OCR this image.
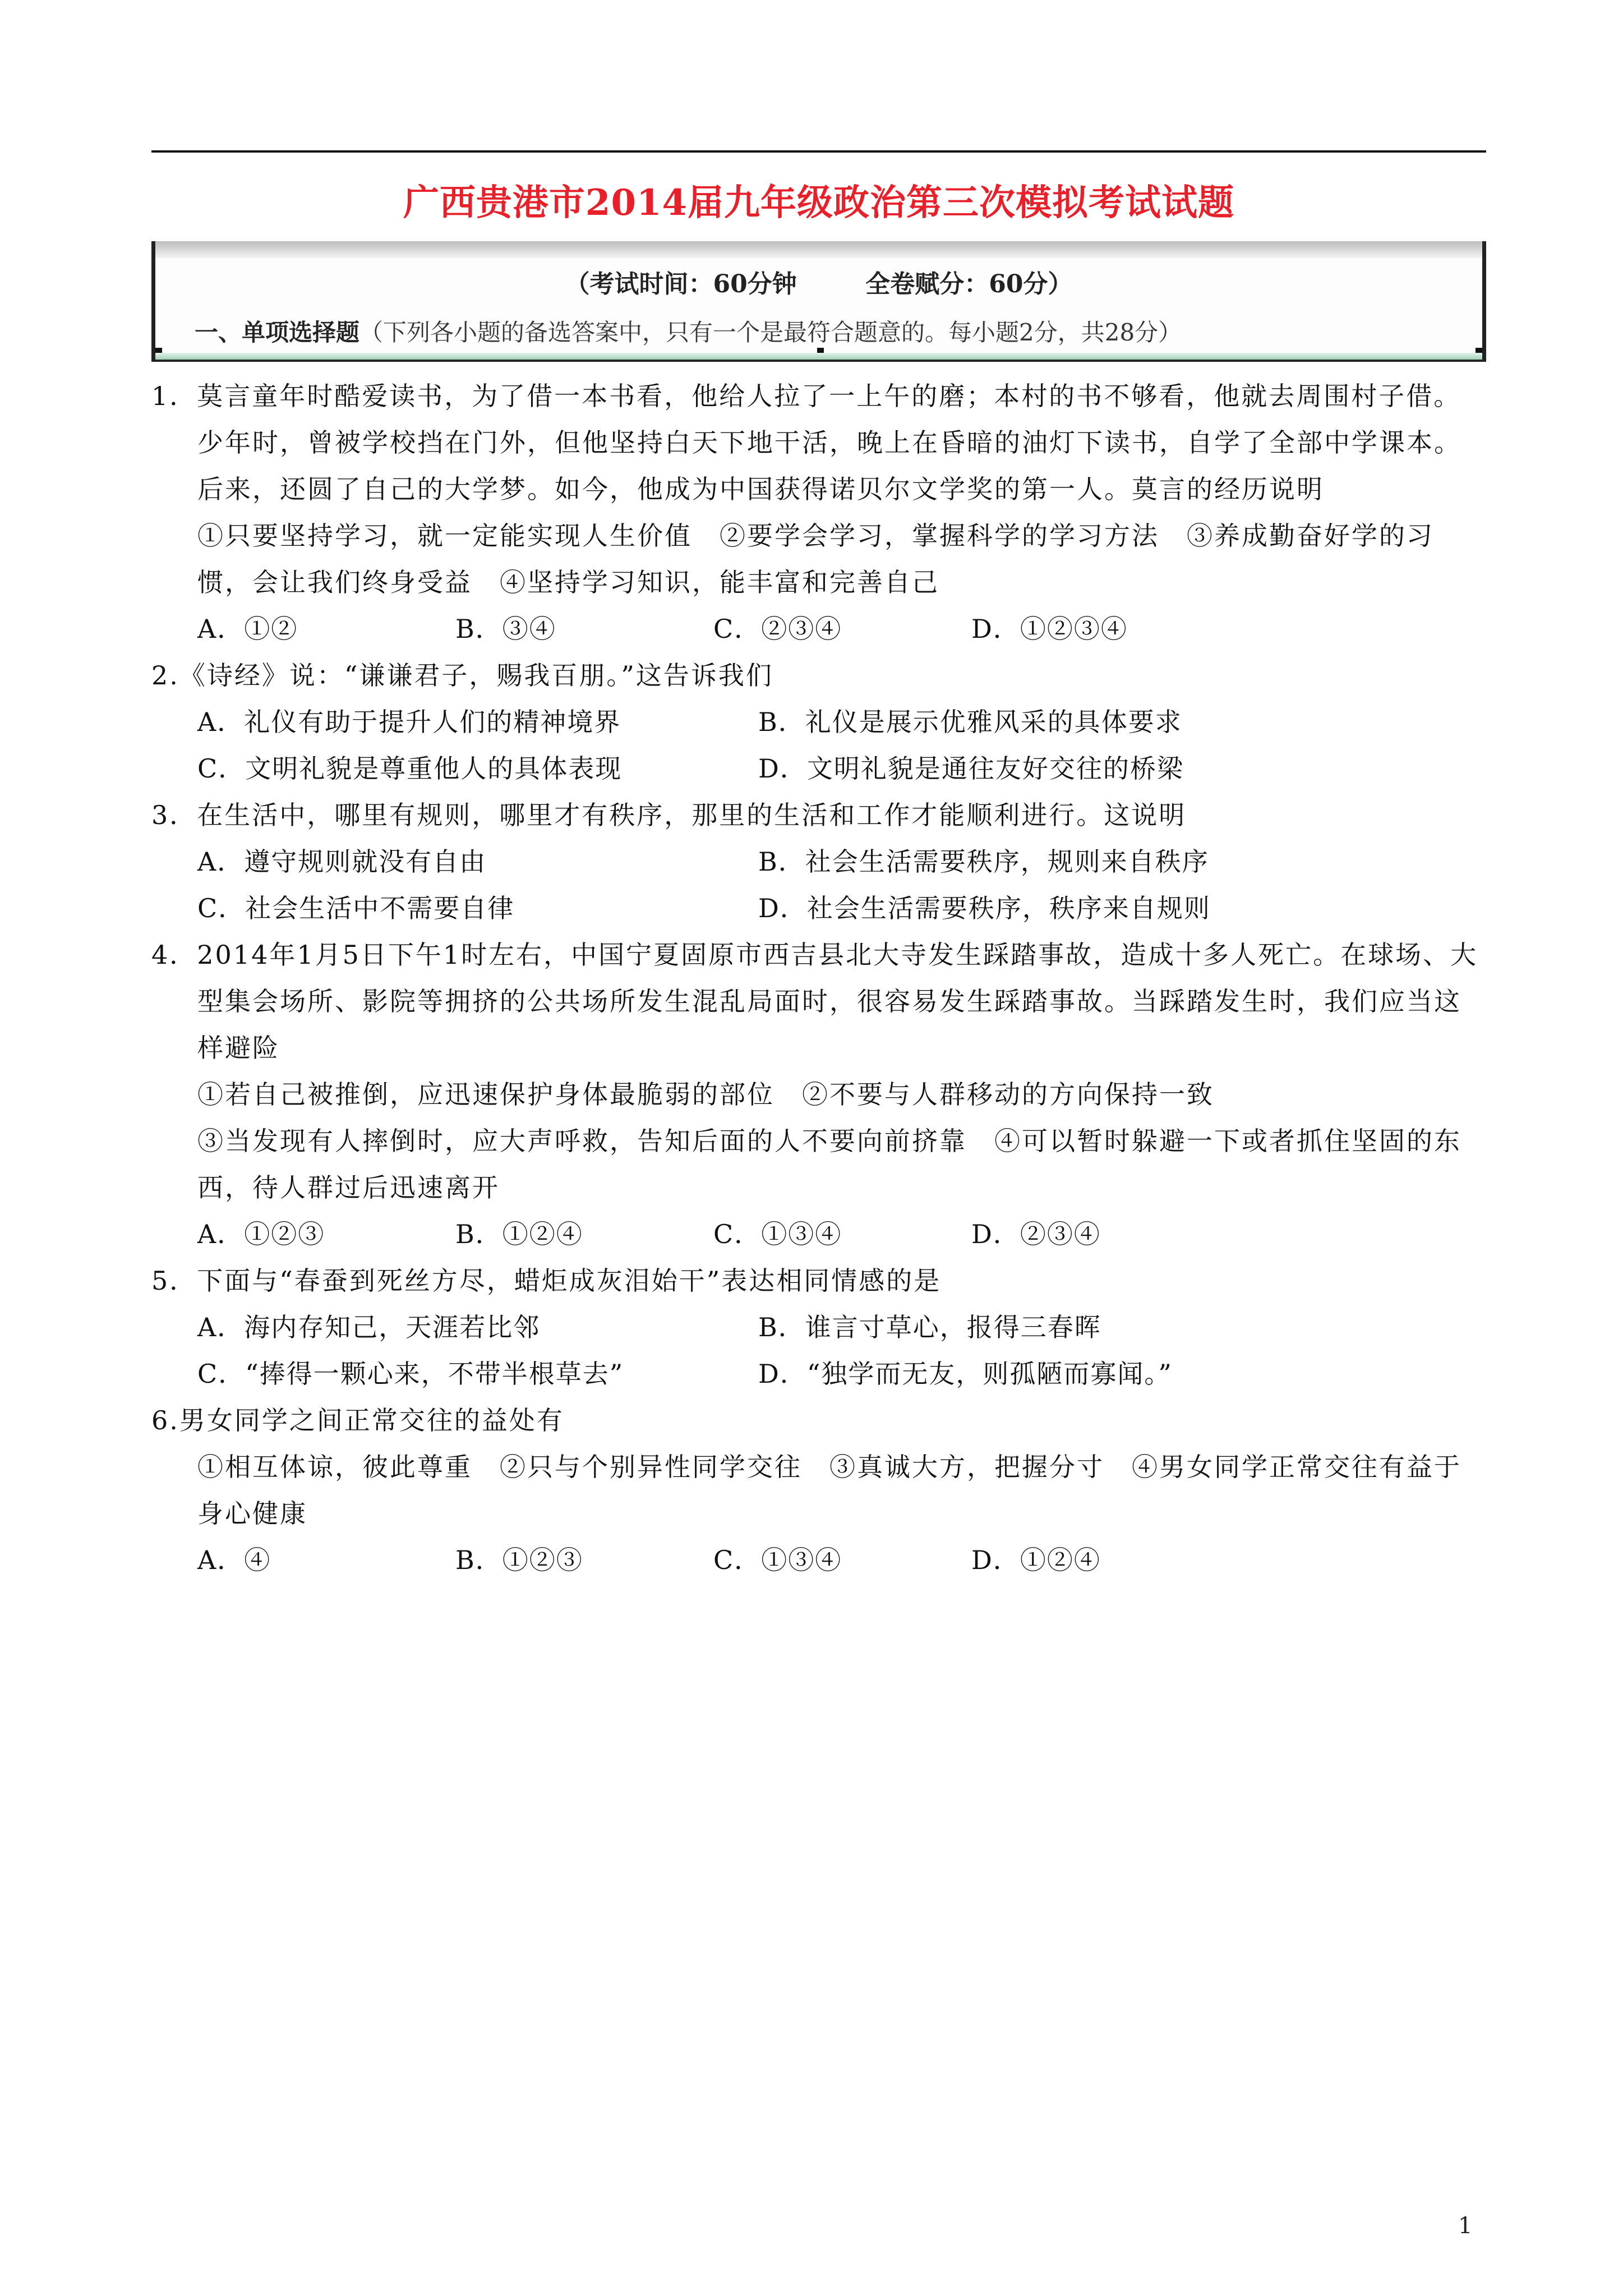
广西贵港市2014届九年级政治第三次模拟考试试题
（考试时间：60分钟        全卷赋分：60分）
一、单项选择题（下列各小题的备选答案中，只有一个是最符合题意的。每小题2分，共28分）

1．莫言童年时酷爱读书，为了借一本书看，他给人拉了一上午的磨；本村的书不够看，他就去周围村子借。少年时，曾被学校挡在门外，但他坚持白天下地干活，晚上在昏暗的油灯下读书，自学了全部中学课本。后来，还圆了自己的大学梦。如今，他成为中国获得诺贝尔文学奖的第一人。莫言的经历说明

①只要坚持学习，就一定能实现人生价值　②要学会学习，掌握科学的学习方法　③养成勤奋好学的习惯，会让我们终身受益　④坚持学习知识，能丰富和完善自己

A．①②	B．③④	C．②③④	D．①②③④

2.《诗经》说：“谦谦君子，赐我百朋。”这告诉我们

A．礼仪有助于提升人们的精神境界	B．礼仪是展示优雅风采的具体要求
C．文明礼貌是尊重他人的具体表现	D．文明礼貌是通往友好交往的桥梁

3．在生活中，哪里有规则，哪里才有秩序，那里的生活和工作才能顺利进行。这说明

A．遵守规则就没有自由	B．社会生活需要秩序，规则来自秩序
C．社会生活中不需要自律	D．社会生活需要秩序，秩序来自规则

4．2014年1月5日下午1时左右，中国宁夏固原市西吉县北大寺发生踩踏事故，造成十多人死亡。在球场、大型集会场所、影院等拥挤的公共场所发生混乱局面时，很容易发生踩踏事故。当踩踏发生时，我们应当这样避险

①若自己被推倒，应迅速保护身体最脆弱的部位　②不要与人群移动的方向保持一致

③当发现有人摔倒时，应大声呼救，告知后面的人不要向前挤靠　④可以暂时躲避一下或者抓住坚固的东西，待人群过后迅速离开

A．①②③	B．①②④	C．①③④	D．②③④

5．下面与“春蚕到死丝方尽，蜡炬成灰泪始干”表达相同情感的是

A．海内存知己，天涯若比邻	B．谁言寸草心，报得三春晖
C．“捧得一颗心来，不带半根草去”	D．“独学而无友，则孤陋而寡闻。”

6.男女同学之间正常交往的益处有

①相互体谅，彼此尊重　②只与个别异性同学交往　③真诚大方，把握分寸　④男女同学正常交往有益于身心健康

A．④	B．①②③	C．①③④	D．①②④
1
